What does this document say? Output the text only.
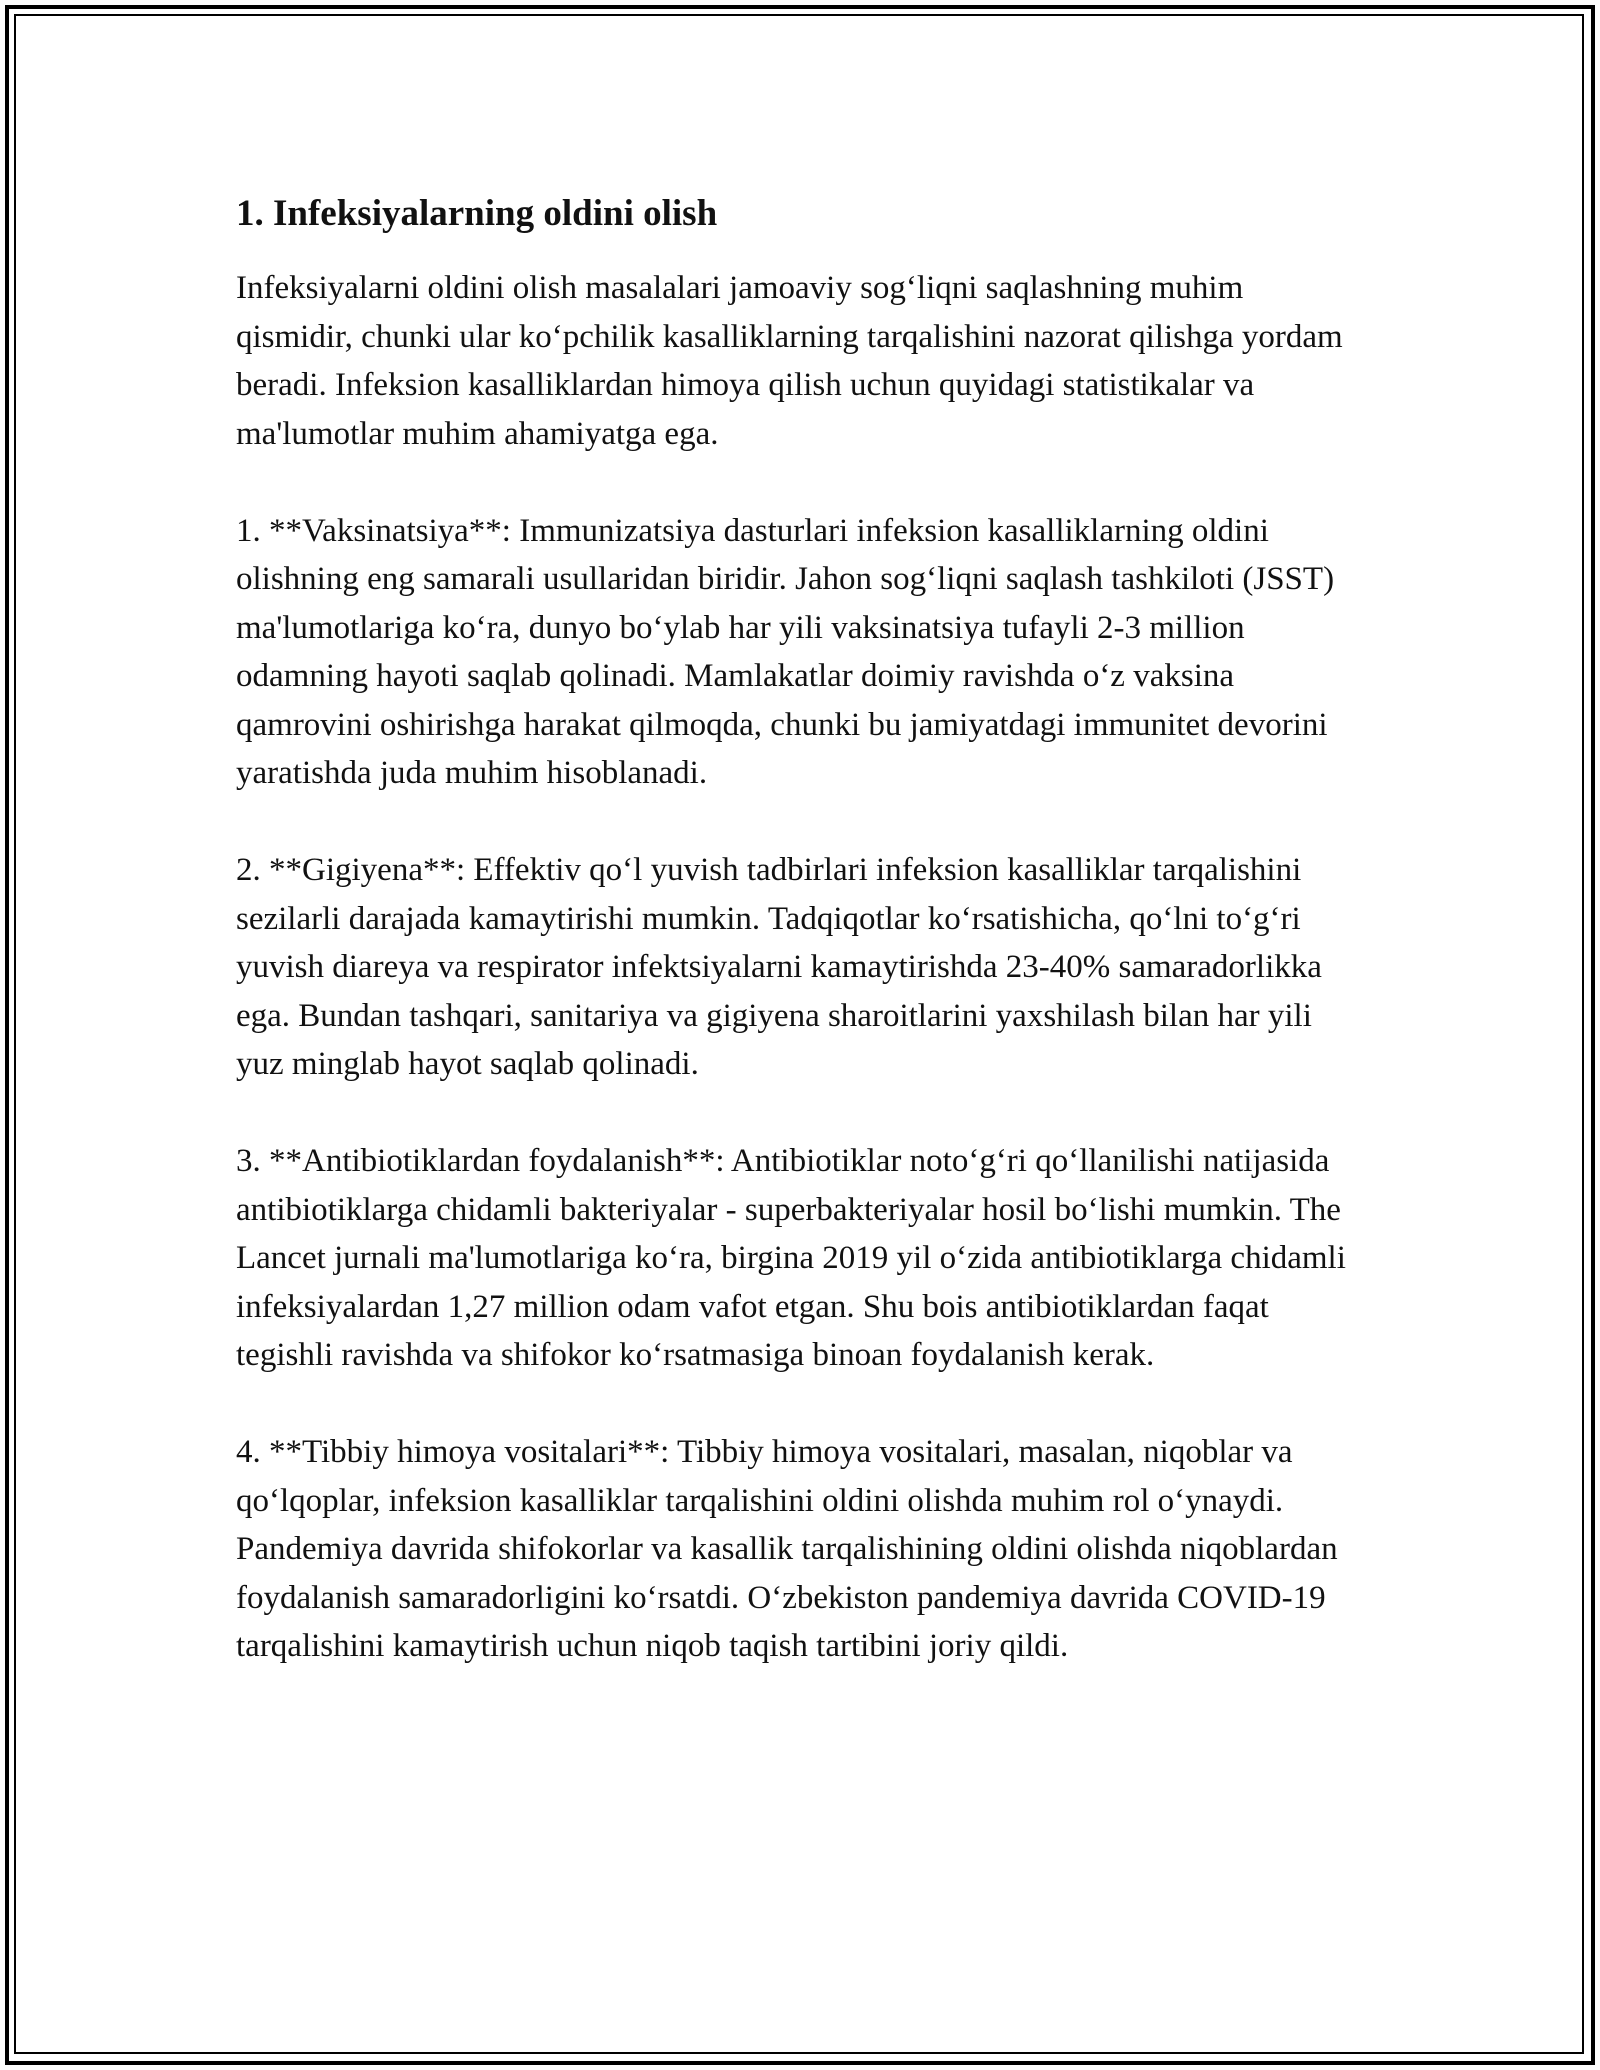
1. Infeksiyalarning oldini olish

Infeksiyalarni oldini olish masalalari jamoaviy sog‘liqni saqlashning muhim qismidir, chunki ular ko‘pchilik kasalliklarning tarqalishini nazorat qilishga yordam beradi. Infeksion kasalliklardan himoya qilish uchun quyidagi statistikalar va ma'lumotlar muhim ahamiyatga ega.

1. **Vaksinatsiya**: Immunizatsiya dasturlari infeksion kasalliklarning oldini olishning eng samarali usullaridan biridir. Jahon sog‘liqni saqlash tashkiloti (JSST) ma'lumotlariga ko‘ra, dunyo bo‘ylab har yili vaksinatsiya tufayli 2-3 million odamning hayoti saqlab qolinadi. Mamlakatlar doimiy ravishda o‘z vaksina qamrovini oshirishga harakat qilmoqda, chunki bu jamiyatdagi immunitet devorini yaratishda juda muhim hisoblanadi.

2. **Gigiyena**: Effektiv qo‘l yuvish tadbirlari infeksion kasalliklar tarqalishini sezilarli darajada kamaytirishi mumkin. Tadqiqotlar ko‘rsatishicha, qo‘lni to‘g‘ri yuvish diareya va respirator infektsiyalarni kamaytirishda 23-40% samaradorlikka ega. Bundan tashqari, sanitariya va gigiyena sharoitlarini yaxshilash bilan har yili yuz minglab hayot saqlab qolinadi.

3. **Antibiotiklardan foydalanish**: Antibiotiklar noto‘g‘ri qo‘llanilishi natijasida antibiotiklarga chidamli bakteriyalar - superbakteriyalar hosil bo‘lishi mumkin. The Lancet jurnali ma'lumotlariga ko‘ra, birgina 2019 yil o‘zida antibiotiklarga chidamli infeksiyalardan 1,27 million odam vafot etgan. Shu bois antibiotiklardan faqat tegishli ravishda va shifokor ko‘rsatmasiga binoan foydalanish kerak.

4. **Tibbiy himoya vositalari**: Tibbiy himoya vositalari, masalan, niqoblar va qo‘lqoplar, infeksion kasalliklar tarqalishini oldini olishda muhim rol o‘ynaydi. Pandemiya davrida shifokorlar va kasallik tarqalishining oldini olishda niqoblardan foydalanish samaradorligini ko‘rsatdi. O‘zbekiston pandemiya davrida COVID-19 tarqalishini kamaytirish uchun niqob taqish tartibini joriy qildi.
